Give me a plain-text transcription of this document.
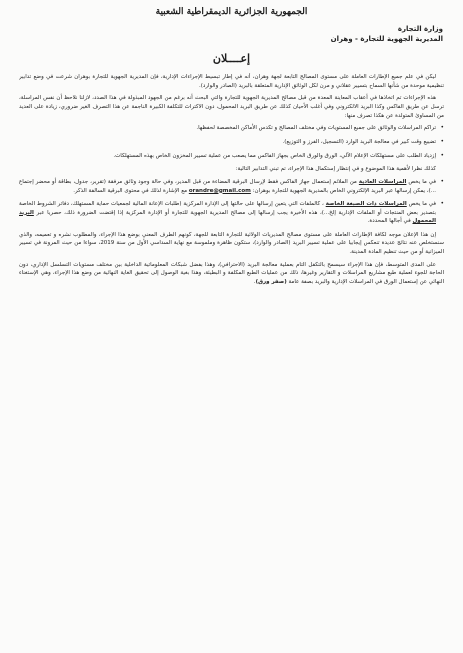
الجمهورية الجزائرية الديمقراطية الشعبية
وزارة التجارة
المديرية الجهوية للتجارة - وهران
إعــــلان

ليكن في علم جميع الإطارات العاملة على مستوى المصالح التابعة لجهة وهران، أنه في إطار تبسيط الإجراءات الإدارية، فإن المديرية الجهوية للتجارة بوهران شرعت في وضع تدابير تنظيمية موحدة من شأنها السماح بتسيير عقلاني و مرن لكل الوثائق الإدارية المتعلقة بالبريد (الصادر والوارد).

هذه الإجراءات تم اتخاذها في أعقاب المعاينة المعدة من قبل مصالح المديرية الجهوية للتجارة والتي البحث أنه برغم من الجهود المبذولة في هذا الصدد، لازلنا نلاحظ أن نفس المراسلة، ترسل عن طريق الفاكس وكذا البريد الالكتروني وفي أغلب الأحيان كذلك عن طريق البريد المحمول، دون الاكتراث للتكلفة الكبيرة الناجمة عن هذا التصرف الغير ضروري، زيادة على العديد من المساوئ المتولدة عن هكذا تصرف منها:

• تراكم المراسلات والوثائق على جميع المستويات وفي مختلف المصالح و تكدس الأماكن المخصصة لحفظها.
• تضييع وقت كبير في معالجة البريد الوارد (التسجيل، الفرز و التوزيع).
• إزدياد الطلب على مستهلكات الإعلام الآلي، الورق والورق الخاص بجهاز الفاكس مما يصعب من عملية تسيير المخزون الخاص بهذه المستهلكات.

كذلك نظرا لأهمية هذا الموضوع و في إنتظار إستكمال هذا الإجراء، تم تبني التدابير التالية:

• في ما يخص المراسلات العادية من الملائم إستعمال جهاز الفاكس فقط لإرسال البرقية المضاءة من قبل المدير، وفي حالة وجود وثائق مرفقة (تقرير، جدول، بطاقة أو محضر إجتماع ...)، يمكن إرسالها عبر البريد الإلكتروني الخاص بالمديرية الجهوية للتجارة بوهران: orandre@gmail.com مع الإشارة لذلك في محتوى البرقية السالفة الذكر.
• في ما يخص المراسلات ذات الصبغة الخاصة ، كالملفات التي يتعين إرسالها على حالتها إلى الإدارة المركزية (طلبات الإعانة المالية لجمعيات حماية المستهلك، دفاتر الشروط الخاصة بتصدير بعض المنتجات أو الملفات الإدارية إلخ...)، هذه الأخيرة يجب إرسالها إلى مصالح المديرية الجهوية للتجارة أو الإدارة المركزية إذا إقتضت الضرورة ذلك، حصريا عبر البريد المحمول في أجالها المحددة.

إن هذا الإعلان موجه لكافة الإطارات العاملة على مستوى مصالح المديريات الولائية للتجارة التابعة للجهة، كونهم الطرف المعني بوضع هذا الإجراء، والمطلوب نشره و تعميمه، والذي سنستخلص عنه نتائج عديدة تنعكس إيجابيا على عملية تسيير البريد (الصادر والوارد)، ستكون ظاهرة وملموسة مع نهاية السداسي الأول من سنة 2019، سواءا من حيث المرونة في تسيير الميزانية أو من حيث تنظيم المادة المدينة.

على المدى المتوسط، فإن هذا الإجراء سيسمح بالتكفل التام بعملية معالجة البريد (الاحترافي)، وهذا بفضل شبكات المعلوماتية الداخلية بين مختلف مستويات التسلسل الإداري، دون الحاجة للجوء لعملية طبع مشاريع المراسلات و التقارير وغيرها، ذلك من عمليات الطبع المكلفة و البطيئة، وهذا بغية الوصول إلى تحقيق الغاية النهائية من وضع هذا الإجراء، وهي الإستغناء النهائي عن إستعمال الورق في المراسلات الإدارية والبريد بصفة عامة (صفر ورق).
